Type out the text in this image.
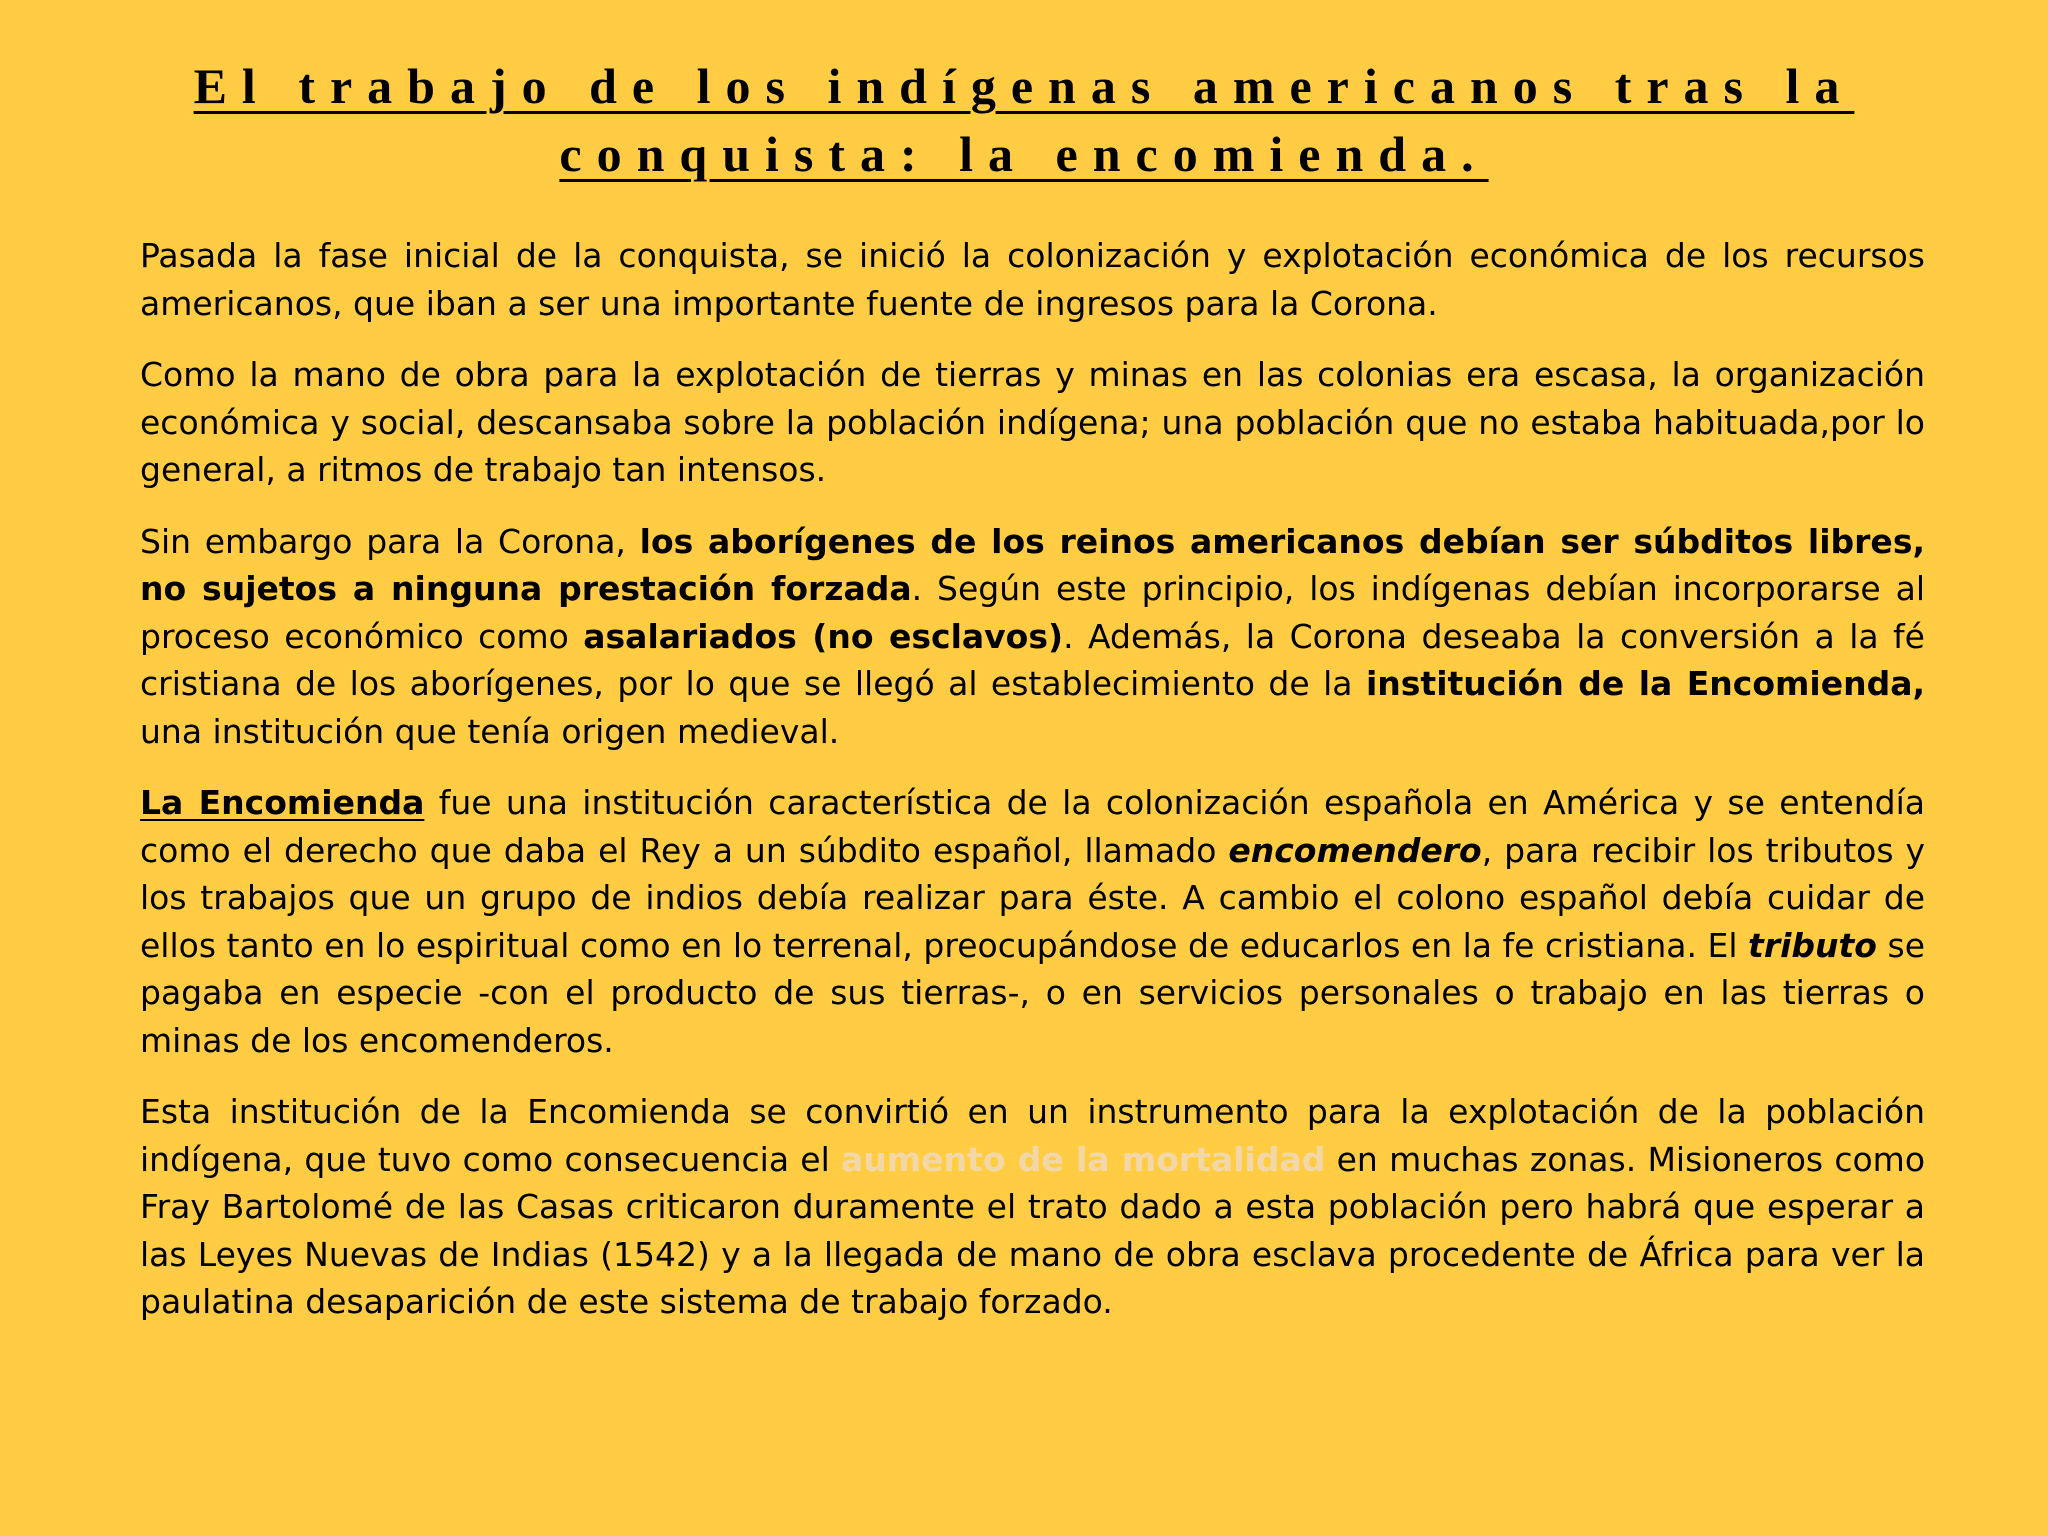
El trabajo de los indígenas americanos tras la
conquista: la encomienda.

Pasada la fase inicial de la conquista, se inició la colonización y explotación económica de los recursos americanos, que iban a ser una importante fuente de ingresos para la Corona.

Como la mano de obra para la explotación de tierras y minas en las colonias era escasa, la organización económica y social, descansaba sobre la población indígena; una población que no estaba habituada,por lo general, a ritmos de trabajo tan intensos.

Sin embargo para la Corona, los aborígenes de los reinos americanos debían ser súbditos libres, no sujetos a ninguna prestación forzada. Según este principio, los indígenas debían incorporarse al proceso económico como asalariados (no esclavos). Además, la Corona deseaba la conversión a la fé cristiana de los aborígenes, por lo que se llegó al establecimiento de la institución de la Encomienda, una institución que tenía origen medieval.

La Encomienda fue una institución característica de la colonización española en América y se entendía como el derecho que daba el Rey a un súbdito español, llamado encomendero, para recibir los tributos y los trabajos que un grupo de indios debía realizar para éste. A cambio el colono español debía cuidar de ellos tanto en lo espiritual como en lo terrenal, preocupándose de educarlos en la fe cristiana. El tributo se pagaba en especie -con el producto de sus tierras-, o en servicios personales o trabajo en las tierras o minas de los encomenderos.

Esta institución de la Encomienda se convirtió en un instrumento para la explotación de la población indígena, que tuvo como consecuencia el aumento de la mortalidad en muchas zonas. Misioneros como Fray Bartolomé de las Casas criticaron duramente el trato dado a esta población pero habrá que esperar a las Leyes Nuevas de Indias (1542) y a la llegada de mano de obra esclava procedente de África para ver la paulatina desaparición de este sistema de trabajo forzado.
